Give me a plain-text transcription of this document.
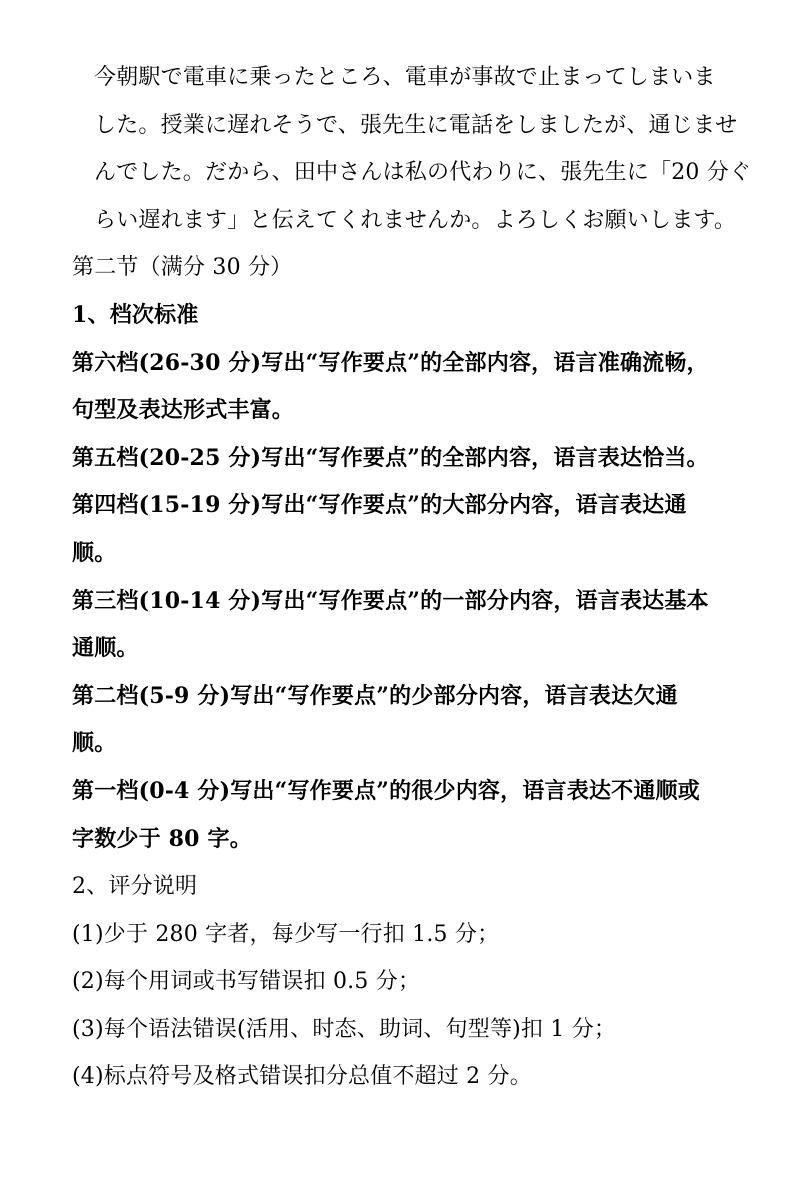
今朝駅で電車に乗ったところ、電車が事故で止まってしまいま
した。授業に遅れそうで、張先生に電話をしましたが、通じませ
んでした。だから、田中さんは私の代わりに、張先生に「20 分ぐ
らい遅れます」と伝えてくれませんか。よろしくお願いします。

第二节（满分 30 分）

1、档次标准

第六档(26-30 分)写出“写作要点”的全部内容，语言准确流畅，
句型及表达形式丰富。

第五档(20-25 分)写出“写作要点”的全部内容，语言表达恰当。

第四档(15-19 分)写出“写作要点”的大部分内容，语言表达通
顺。

第三档(10-14 分)写出“写作要点”的一部分内容，语言表达基本
通顺。

第二档(5-9 分)写出“写作要点”的少部分内容，语言表达欠通
顺。

第一档(0-4 分)写出“写作要点”的很少内容，语言表达不通顺或
字数少于 80 字。

2、评分说明

(1)少于 280 字者，每少写一行扣 1.5 分；

(2)每个用词或书写错误扣 0.5 分；

(3)每个语法错误(活用、时态、助词、句型等)扣 1 分；

(4)标点符号及格式错误扣分总值不超过 2 分。
